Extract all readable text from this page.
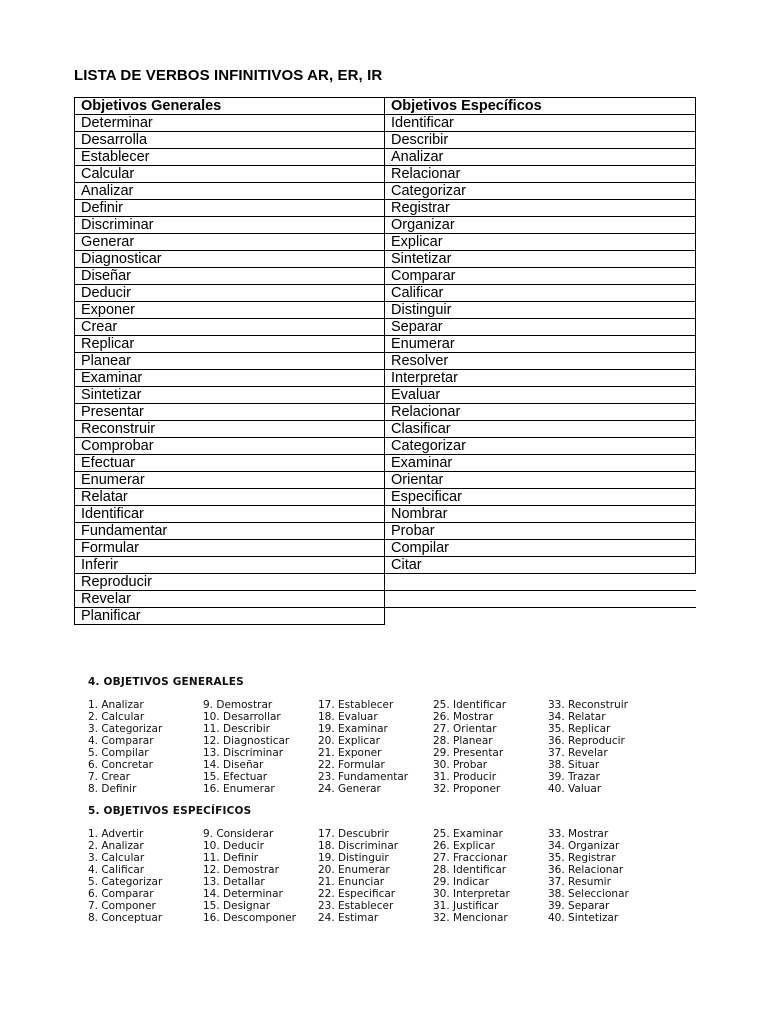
LISTA DE VERBOS INFINITIVOS AR, ER, IR
Objetivos Generales	Objetivos Específicos
Determinar	Identificar
Desarrolla	Describir
Establecer	Analizar
Calcular	Relacionar
Analizar	Categorizar
Definir	Registrar
Discriminar	Organizar
Generar	Explicar
Diagnosticar	Sintetizar
Diseñar	Comparar
Deducir	Calificar
Exponer	Distinguir
Crear	Separar
Replicar	Enumerar
Planear	Resolver
Examinar	Interpretar
Sintetizar	Evaluar
Presentar	Relacionar
Reconstruir	Clasificar
Comprobar	Categorizar
Efectuar	Examinar
Enumerar	Orientar
Relatar	Especificar
Identificar	Nombrar
Fundamentar	Probar
Formular	Compilar
Inferir	Citar
Reproducir	
Revelar	
Planificar	
4. OBJETIVOS GENERALES
1. Analizar
2. Calcular
3. Categorizar
4. Comparar
5. Compilar
6. Concretar
7. Crear
8. Definir
9. Demostrar
10. Desarrollar
11. Describir
12. Diagnosticar
13. Discriminar
14. Diseñar
15. Efectuar
16. Enumerar
17. Establecer
18. Evaluar
19. Examinar
20. Explicar
21. Exponer
22. Formular
23. Fundamentar
24. Generar
25. Identificar
26. Mostrar
27. Orientar
28. Planear
29. Presentar
30. Probar
31. Producir
32. Proponer
33. Reconstruir
34. Relatar
35. Replicar
36. Reproducir
37. Revelar
38. Situar
39. Trazar
40. Valuar
5. OBJETIVOS ESPECÍFICOS
1. Advertir
2. Analizar
3. Calcular
4. Calificar
5. Categorizar
6. Comparar
7. Componer
8. Conceptuar
9. Considerar
10. Deducir
11. Definir
12. Demostrar
13. Detallar
14. Determinar
15. Designar
16. Descomponer
17. Descubrir
18. Discriminar
19. Distinguir
20. Enumerar
21. Enunciar
22. Especificar
23. Establecer
24. Estimar
25. Examinar
26. Explicar
27. Fraccionar
28. Identificar
29. Indicar
30. Interpretar
31. Justificar
32. Mencionar
33. Mostrar
34. Organizar
35. Registrar
36. Relacionar
37. Resumir
38. Seleccionar
39. Separar
40. Sintetizar
